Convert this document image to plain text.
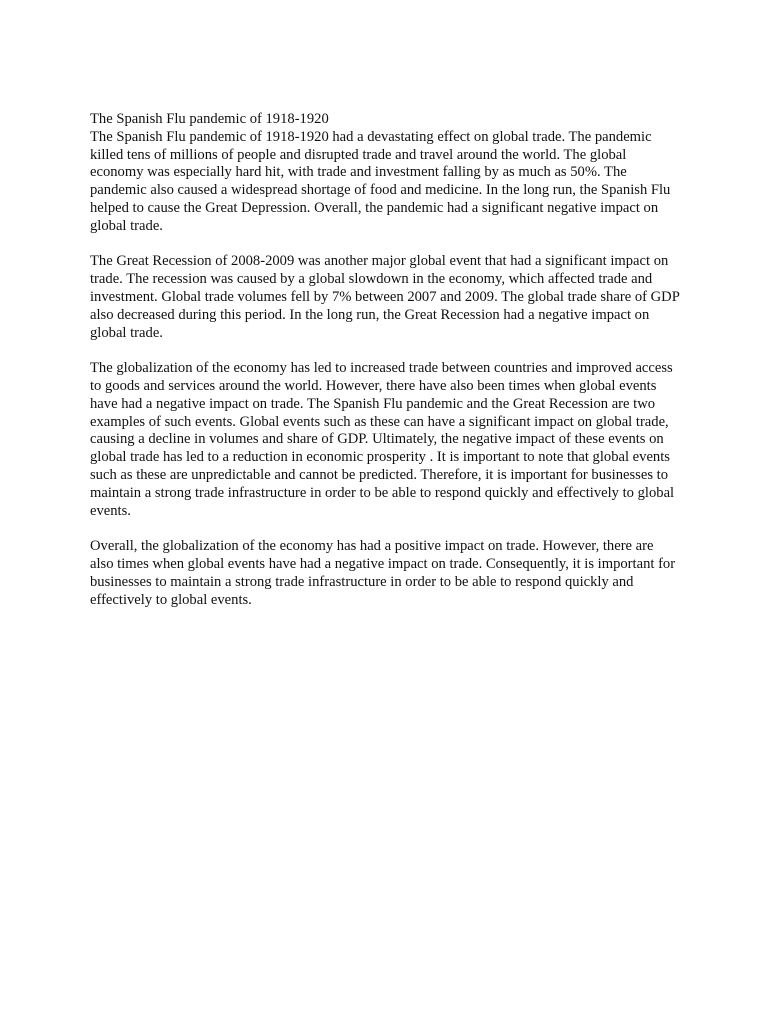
The Spanish Flu pandemic of 1918-1920

The Spanish Flu pandemic of 1918-1920 had a devastating effect on global trade. The pandemic killed tens of millions of people and disrupted trade and travel around the world. The global economy was especially hard hit, with trade and investment falling by as much as 50%. The pandemic also caused a widespread shortage of food and medicine. In the long run, the Spanish Flu helped to cause the Great Depression. Overall, the pandemic had a significant negative impact on global trade.

The Great Recession of 2008-2009 was another major global event that had a significant impact on trade. The recession was caused by a global slowdown in the economy, which affected trade and investment. Global trade volumes fell by 7% between 2007 and 2009. The global trade share of GDP also decreased during this period. In the long run, the Great Recession had a negative impact on global trade.

The globalization of the economy has led to increased trade between countries and improved access to goods and services around the world. However, there have also been times when global events have had a negative impact on trade. The Spanish Flu pandemic and the Great Recession are two examples of such events. Global events such as these can have a significant impact on global trade, causing a decline in volumes and share of GDP. Ultimately, the negative impact of these events on global trade has led to a reduction in economic prosperity . It is important to note that global events such as these are unpredictable and cannot be predicted. Therefore, it is important for businesses to maintain a strong trade infrastructure in order to be able to respond quickly and effectively to global events.

Overall, the globalization of the economy has had a positive impact on trade. However, there are also times when global events have had a negative impact on trade. Consequently, it is important for businesses to maintain a strong trade infrastructure in order to be able to respond quickly and effectively to global events.
